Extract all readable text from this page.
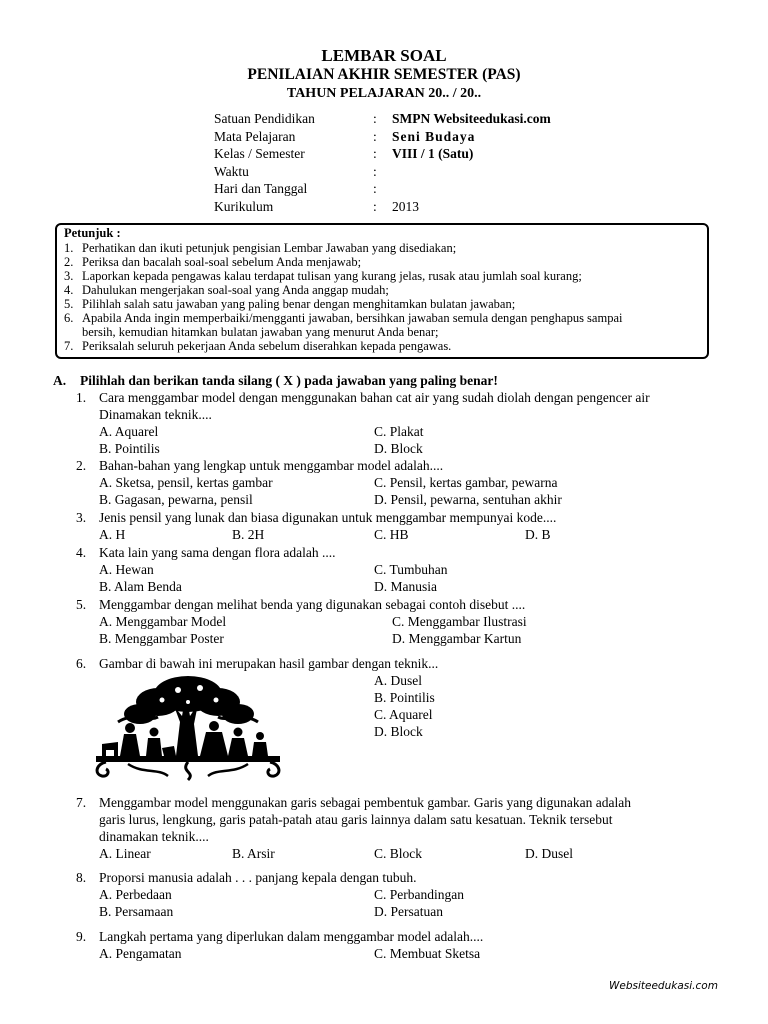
LEMBAR SOAL
PENILAIAN AKHIR SEMESTER (PAS)
TAHUN PELAJARAN 20.. / 20..
Satuan Pendidikan	: SMPN Websiteedukasi.com
Mata Pelajaran	: Seni Budaya
Kelas / Semester	: VIII / 1 (Satu)
Waktu	:
Hari dan Tanggal	:
Kurikulum	: 2013
Petunjuk :
1. Perhatikan dan ikuti petunjuk pengisian Lembar Jawaban yang disediakan;
2. Periksa dan bacalah soal-soal sebelum Anda menjawab;
3. Laporkan kepada pengawas kalau terdapat tulisan yang kurang jelas, rusak atau jumlah soal kurang;
4. Dahulukan mengerjakan soal-soal yang Anda anggap mudah;
5. Pilihlah salah satu jawaban yang paling benar dengan menghitamkan bulatan jawaban;
6. Apabila Anda ingin memperbaiki/mengganti jawaban, bersihkan jawaban semula dengan penghapus sampai
bersih, kemudian hitamkan bulatan jawaban yang menurut Anda benar;
7. Periksalah seluruh pekerjaan Anda sebelum diserahkan kepada pengawas.
A. Pilihlah dan berikan tanda silang ( X ) pada jawaban yang paling benar!
1. Cara menggambar model dengan menggunakan bahan cat air yang sudah diolah dengan pengencer air
Dinamakan teknik....
A. Aquarel	C. Plakat
B. Pointilis	D. Block
2. Bahan-bahan yang lengkap untuk menggambar model adalah....
A. Sketsa, pensil, kertas gambar	C. Pensil, kertas gambar, pewarna
B. Gagasan, pewarna, pensil	D. Pensil, pewarna, sentuhan akhir
3. Jenis pensil yang lunak dan biasa digunakan untuk menggambar mempunyai kode....
A. H	B. 2H	C. HB	D. B
4. Kata lain yang sama dengan flora adalah ....
A. Hewan	C. Tumbuhan
B. Alam Benda	D. Manusia
5. Menggambar dengan melihat benda yang digunakan sebagai contoh disebut ....
A. Menggambar Model	C. Menggambar Ilustrasi
B. Menggambar Poster	D. Menggambar Kartun
6. Gambar di bawah ini merupakan hasil gambar dengan teknik...
A. Dusel
B. Pointilis
C. Aquarel
D. Block
7. Menggambar model menggunakan garis sebagai pembentuk gambar. Garis yang digunakan adalah
garis lurus, lengkung, garis patah-patah atau garis lainnya dalam satu kesatuan. Teknik tersebut
dinamakan teknik....
A. Linear	B. Arsir	C. Block	D. Dusel
8. Proporsi manusia adalah . . . panjang kepala dengan tubuh.
A. Perbedaan	C. Perbandingan
B. Persamaan	D. Persatuan
9. Langkah pertama yang diperlukan dalam menggambar model adalah....
A. Pengamatan	C. Membuat Sketsa
Websiteedukasi.com
